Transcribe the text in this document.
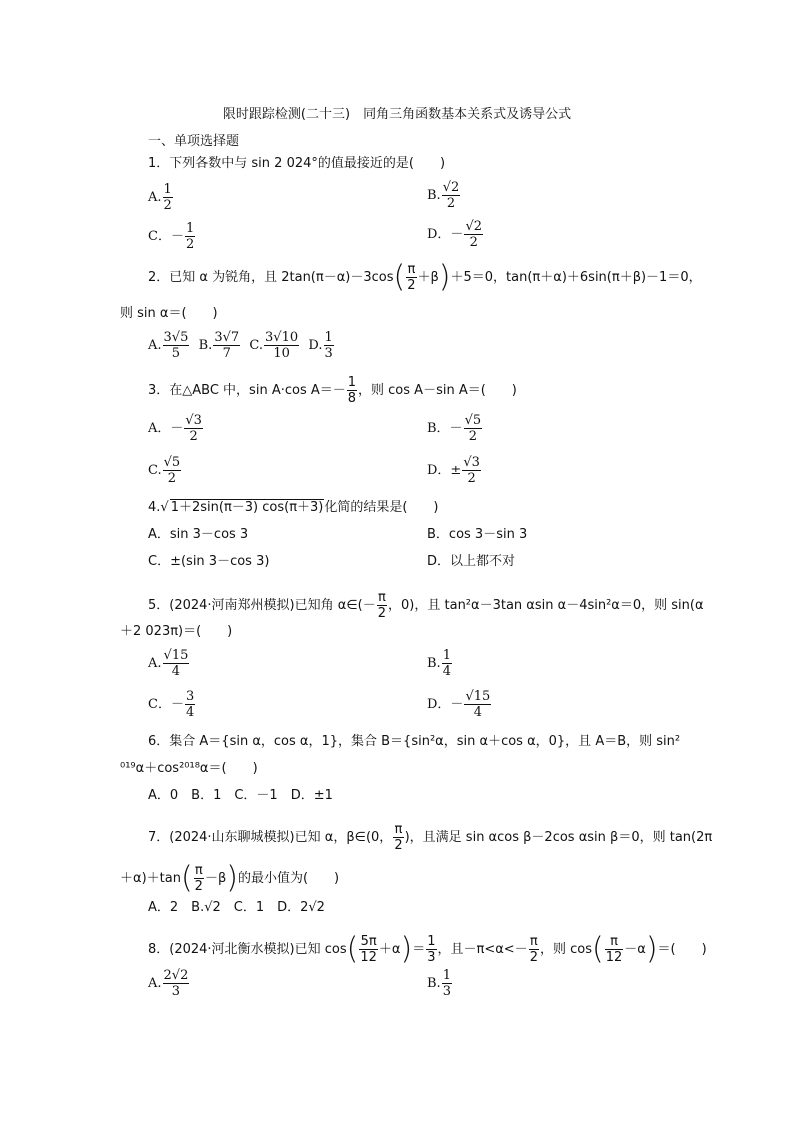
限时跟踪检测(二十三)　同角三角函数基本关系式及诱导公式
一、单项选择题
1．下列各数中与 sin 2 024°的值最接近的是(　　)
A. $\frac{1}{2}$	B. $\frac{√2}{2}$
C．－ $\frac{1}{2}$	D．－ $\frac{√2}{2}$
2．已知 α 为锐角，且 $2\tan(\pi-\alpha)-3\cos( \frac{\pi}{2} +\beta)+5=0$，tan(π＋α)＋6sin(π＋β)－1＝0，
则 sin α＝(　　)
A. $\frac{3√5}{5} B$. $\frac{3√7}{7} C$. $\frac{3√10}{10} D$. $\frac{1}{3}$
3．在△ABC 中，sin A·cos $A=- \frac{1}{8}$ ，则 cos A－sin A＝(　　)
A．－ $\frac{√3}{2}$	B．－ $\frac{√5}{2}$
C. $\frac{√5}{2}$	D．± $\frac{√3}{2}$
4.√ 1＋2sin(π－3) cos(π＋3)化简的结果是(　　)
A．sin 3－cos 3	B．cos 3－sin 3
C．±(sin 3－cos 3)	D．以上都不对
5．(2024·河南郑州模拟)已知角 α∈(－ $\frac{\pi}{2}$ ，0)，且 tan²α－3tan αsin α－4sin²α＝0，则 sin(α
＋2 023π)＝(　　)
A. $\frac{√15}{4}$	B. $\frac{1}{4}$
C．－ $\frac{3}{4}$	D．－ $\frac{√15}{4}$
6．集合 A＝{sin α，cos α，1}，集合 B＝{sin²α，sin α＋cos α，0}，且 A＝B，则 sin²
⁰¹⁹α＋cos²⁰¹⁸α＝(　　)
A．0　B．1　C．－1　D．±1
7．(2024·山东聊城模拟)已知 α，β∈(0， $\frac{\pi}{2}$ )，且满足 sin αcos β－2cos αsin β＝0，则 tan(2π
$+\alpha)+\tan( \frac{\pi}{2} -\beta)$的最小值为(　　)
A．2　B.√2　C．1　D．2√2
8．(2024·河北衡水模拟)已知 $\cos( \frac{5\pi}{12} +\alpha)= \frac{1}{3}$ ，且$-\pi<\alpha<- \frac{\pi}{2}$ ，则 $\cos( \frac{\pi}{12} -\alpha)=$(　　)
A. $\frac{2√2}{3}$	B. $\frac{1}{3}$
